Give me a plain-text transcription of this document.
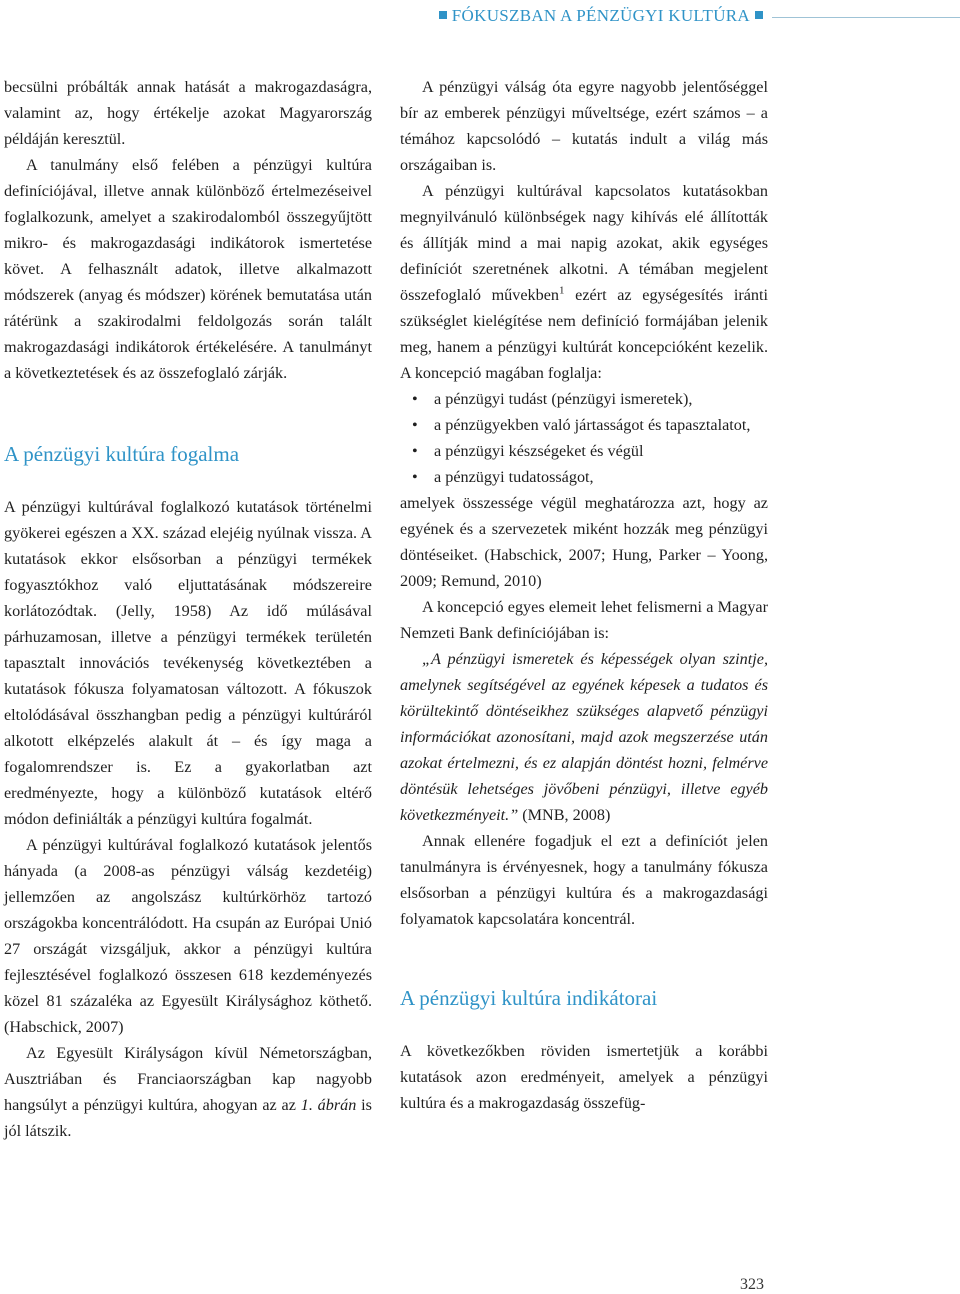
FÓKUSZBAN A PÉNZÜGYI KULTÚRA

becsülni próbálták annak hatását a makrogazdaságra, valamint az, hogy értékelje azokat Magyarország példáján keresztül.

A tanulmány első felében a pénzügyi kultúra definíciójával, illetve annak különböző értelmezéseivel foglalkozunk, amelyet a szakirodalomból összegyűjtött mikro- és makrogazdasági indikátorok ismertetése követ. A felhasznált adatok, illetve alkalmazott módszerek (anyag és módszer) körének bemutatása után rátérünk a szakirodalmi feldolgozás során talált makrogazdasági indikátorok értékelésére. A tanulmányt a következtetések és az összefoglaló zárják.

A pénzügyi kultúra fogalma

A pénzügyi kultúrával foglalkozó kutatások történelmi gyökerei egészen a XX. század elejéig nyúlnak vissza. A kutatások ekkor elsősorban a pénzügyi termékek fogyasztókhoz való eljuttatásának módszereire korlátozódtak. (Jelly, 1958) Az idő múlásával párhuzamosan, illetve a pénzügyi termékek területén tapasztalt innovációs tevékenység következtében a kutatások fókusza folyamatosan változott. A fókuszok eltolódásával összhangban pedig a pénzügyi kultúráról alkotott elképzelés alakult át – és így maga a fogalomrendszer is. Ez a gyakorlatban azt eredményezte, hogy a különböző kutatások eltérő módon definiálták a pénzügyi kultúra fogalmát.

A pénzügyi kultúrával foglalkozó kutatások jelentős hányada (a 2008-as pénzügyi válság kezdetéig) jellemzően az angolszász kultúrkörhöz tartozó országokba koncentrálódott. Ha csupán az Európai Unió 27 országát vizsgáljuk, akkor a pénzügyi kultúra fejlesztésével foglalkozó összesen 618 kezdeményezés közel 81 százaléka az Egyesült Királysághoz köthető. (Habschick, 2007)

Az Egyesült Királyságon kívül Németországban, Ausztriában és Franciaországban kap nagyobb hangsúlyt a pénzügyi kultúra, ahogyan az az 1. ábrán is jól látszik.

A pénzügyi válság óta egyre nagyobb jelentőséggel bír az emberek pénzügyi műveltsége, ezért számos – a témához kapcsolódó – kutatás indult a világ más országaiban is.

A pénzügyi kultúrával kapcsolatos kutatásokban megnyilvánuló különbségek nagy kihívás elé állították és állítják mind a mai napig azokat, akik egységes definíciót szeretnének alkotni. A témában megjelent összefoglaló művekben$^1$ ezért az egységesítés iránti szükséglet kielégítése nem definíció formájában jelenik meg, hanem a pénzügyi kultúrát koncepcióként kezelik. A koncepció magában foglalja:

• a pénzügyi tudást (pénzügyi ismeretek),
• a pénzügyekben való jártasságot és tapasztalatot,
• a pénzügyi készségeket és végül
• a pénzügyi tudatosságot,

amelyek összessége végül meghatározza azt, hogy az egyének és a szervezetek miként hozzák meg pénzügyi döntéseiket. (Habschick, 2007; Hung, Parker – Yoong, 2009; Remund, 2010)

A koncepció egyes elemeit lehet felismerni a Magyar Nemzeti Bank definíciójában is:

„A pénzügyi ismeretek és képességek olyan szintje, amelynek segítségével az egyének képesek a tudatos és körültekintő döntéseikhez szükséges alapvető pénzügyi információkat azonosítani, majd azok megszerzése után azokat értelmezni, és ez alapján döntést hozni, felmérve döntésük lehetséges jövőbeni pénzügyi, illetve egyéb következményeit.” (MNB, 2008)

Annak ellenére fogadjuk el ezt a definíciót jelen tanulmányra is érvényesnek, hogy a tanulmány fókusza elsősorban a pénzügyi kultúra és a makrogazdasági folyamatok kapcsolatára koncentrál.

A pénzügyi kultúra indikátorai

A következőkben röviden ismertetjük a korábbi kutatások azon eredményeit, amelyek a pénzügyi kultúra és a makrogazdaság összefüg-

323
